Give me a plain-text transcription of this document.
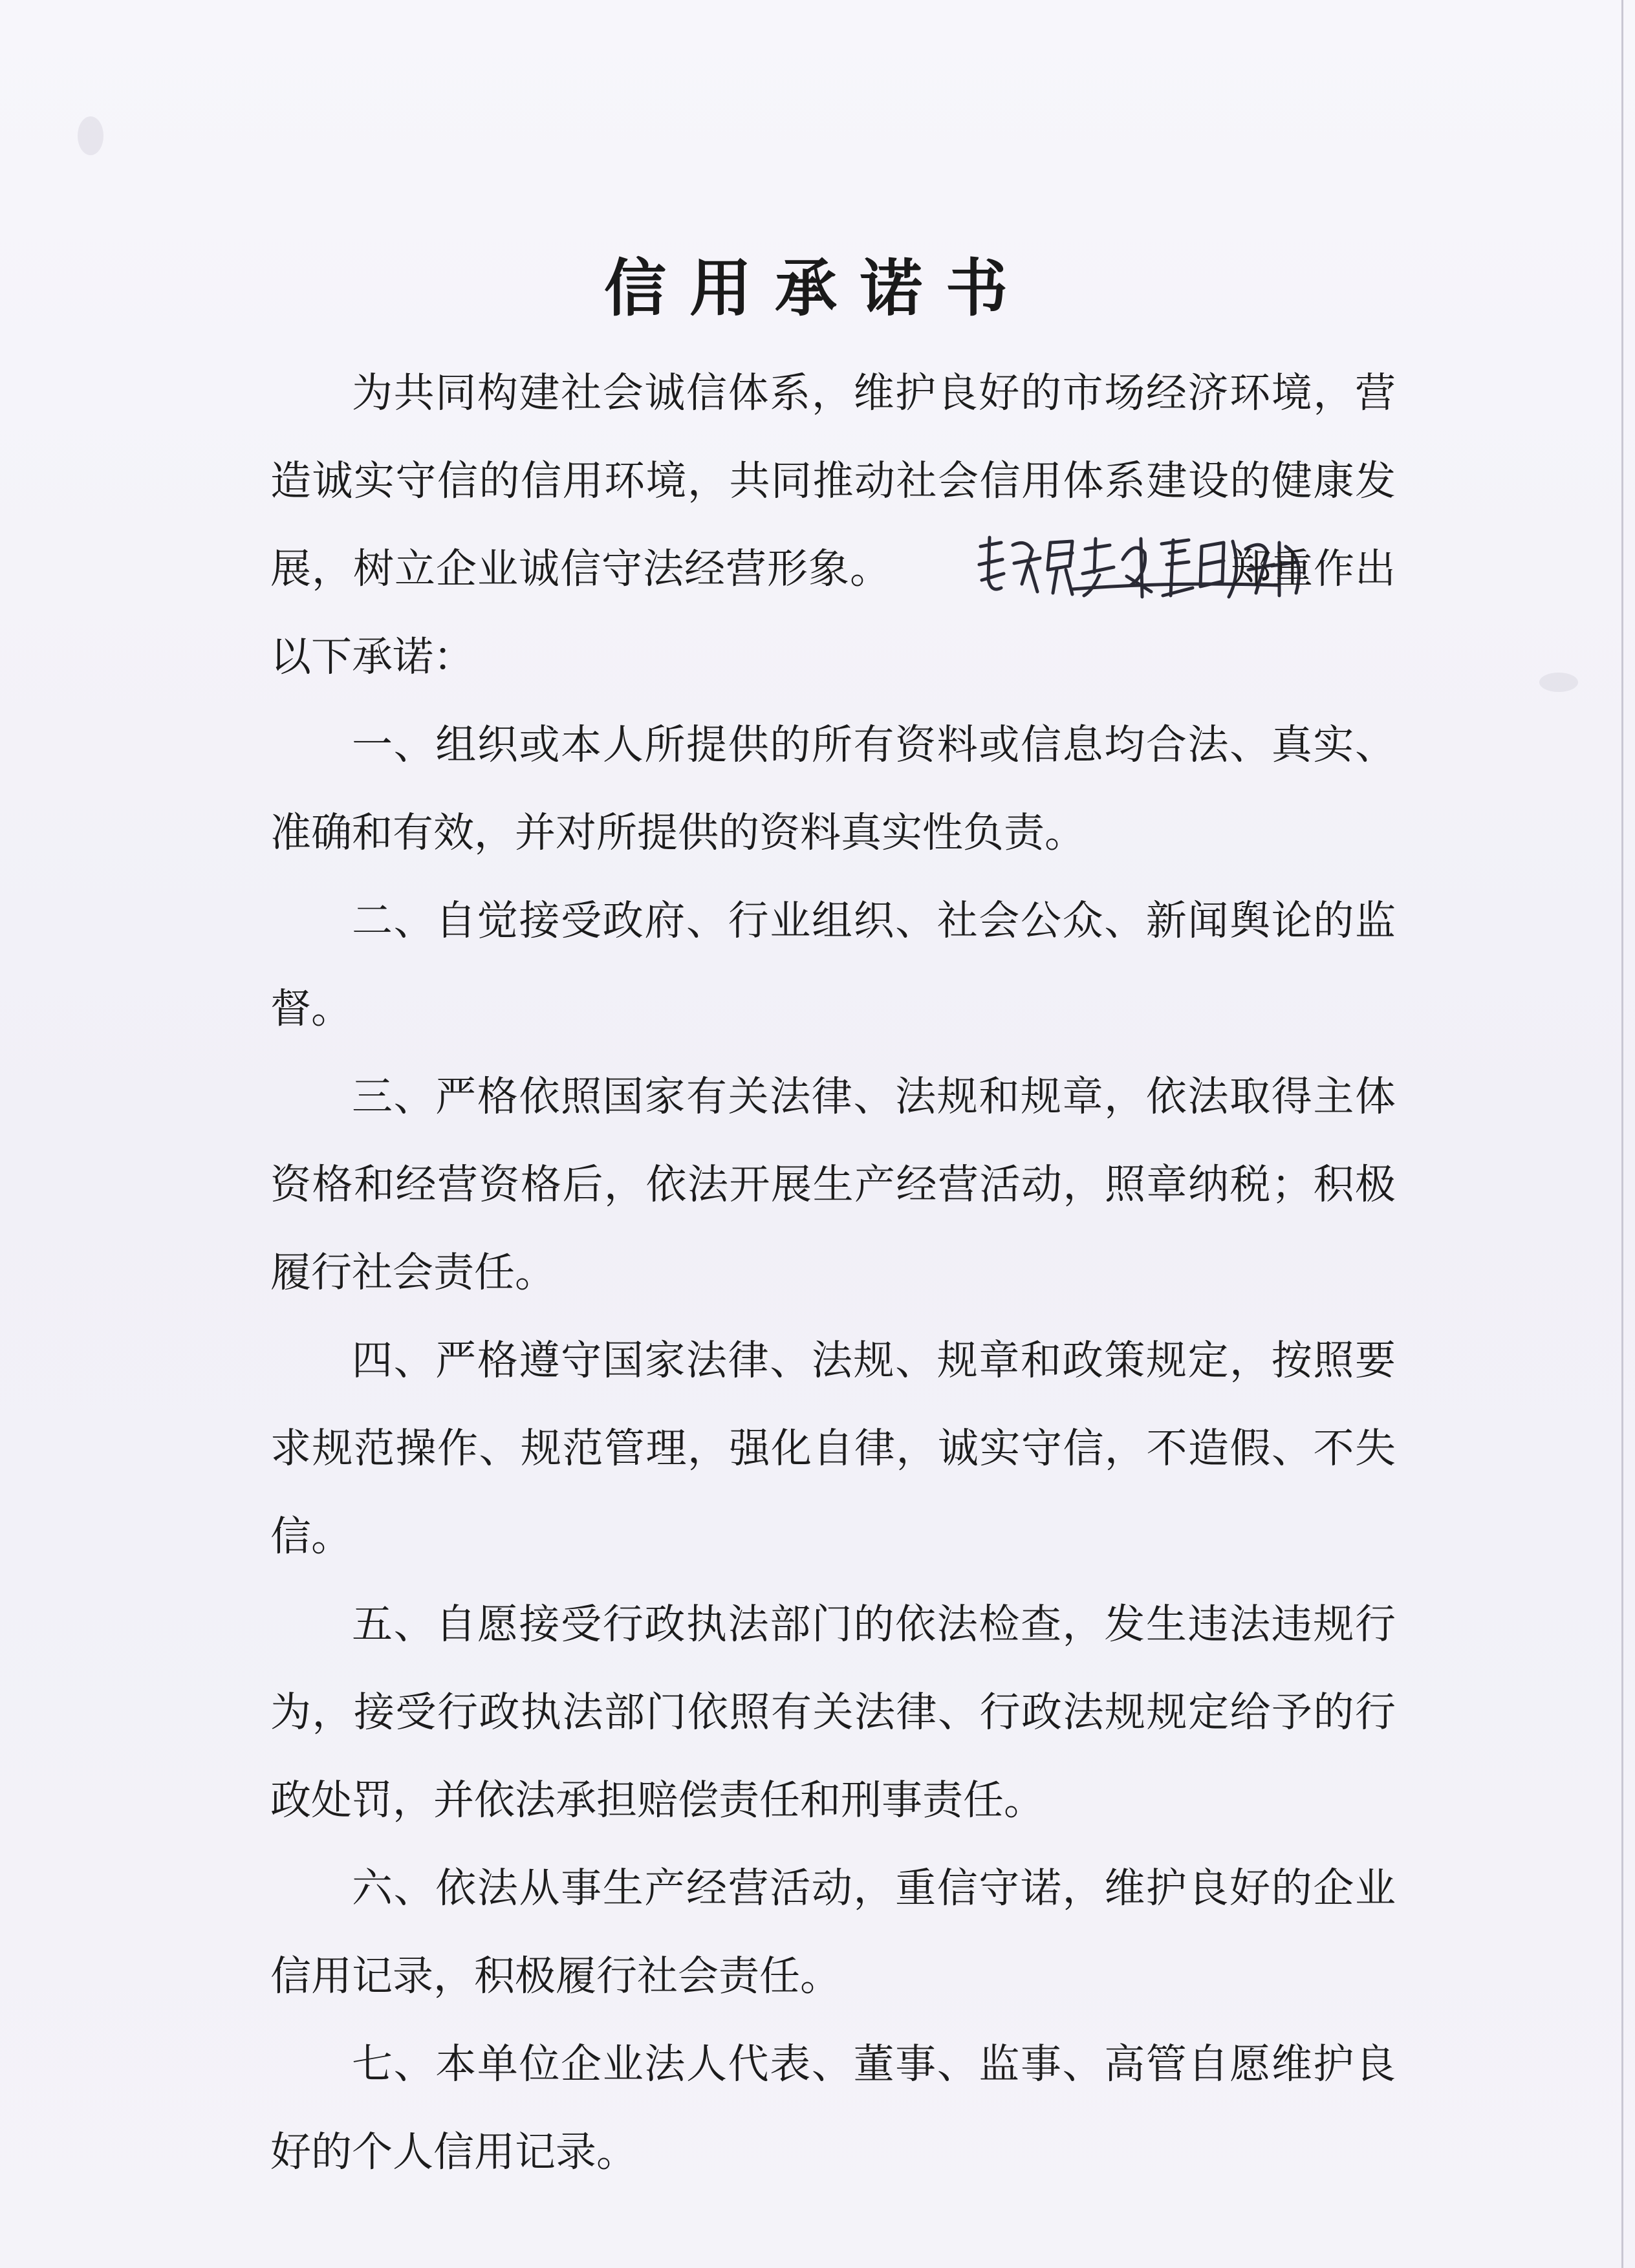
信用承诺书

为共同构建社会诚信体系，维护良好的市场经济环境，营造诚实守信的信用环境，共同推动社会信用体系建设的健康发展，树立企业诚信守法经营形象。	郑重作出以下承诺：

一、组织或本人所提供的所有资料或信息均合法、真实、准确和有效，并对所提供的资料真实性负责。

二、自觉接受政府、行业组织、社会公众、新闻舆论的监督。

三、严格依照国家有关法律、法规和规章，依法取得主体资格和经营资格后，依法开展生产经营活动，照章纳税；积极履行社会责任。

四、严格遵守国家法律、法规、规章和政策规定，按照要求规范操作、规范管理，强化自律，诚实守信，不造假、不失信。

五、自愿接受行政执法部门的依法检查，发生违法违规行为，接受行政执法部门依照有关法律、行政法规规定给予的行政处罚，并依法承担赔偿责任和刑事责任。

六、依法从事生产经营活动，重信守诺，维护良好的企业信用记录，积极履行社会责任。

七、本单位企业法人代表、董事、监事、高管自愿维护良好的个人信用记录。
